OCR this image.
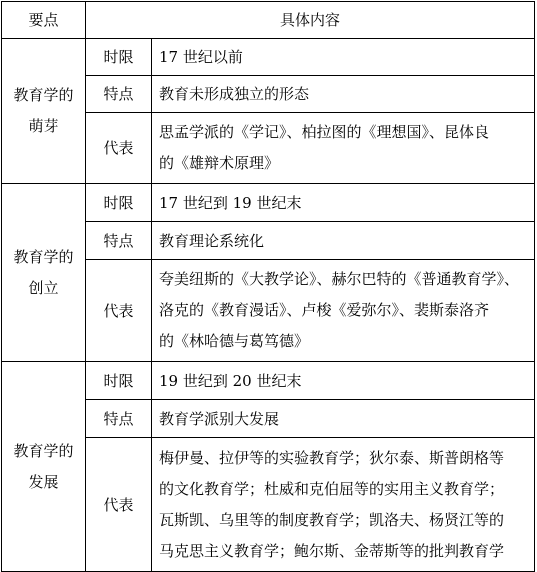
要点	具体内容	

教育学的
萌芽	时限	17 世纪以前
	特点	教育未形成独立的形态
	代表	思孟学派的《学记》、柏拉图的《理想国》、昆体良
的《雄辩术原理》

教育学的
创立	时限	17 世纪到 19 世纪末
	特点	教育理论系统化
	代表	夸美纽斯的《大教学论》、赫尔巴特的《普通教育学》、
洛克的《教育漫话》、卢梭《爱弥尔》、裴斯泰洛齐
的《林哈德与葛笃德》

教育学的
发展	时限	19 世纪到 20 世纪末
	特点	教育学派别大发展
	代表	梅伊曼、拉伊等的实验教育学；狄尔泰、斯普朗格等
的文化教育学；杜威和克伯屈等的实用主义教育学；
瓦斯凯、乌里等的制度教育学；凯洛夫、杨贤江等的
马克思主义教育学；鲍尔斯、金蒂斯等的批判教育学
